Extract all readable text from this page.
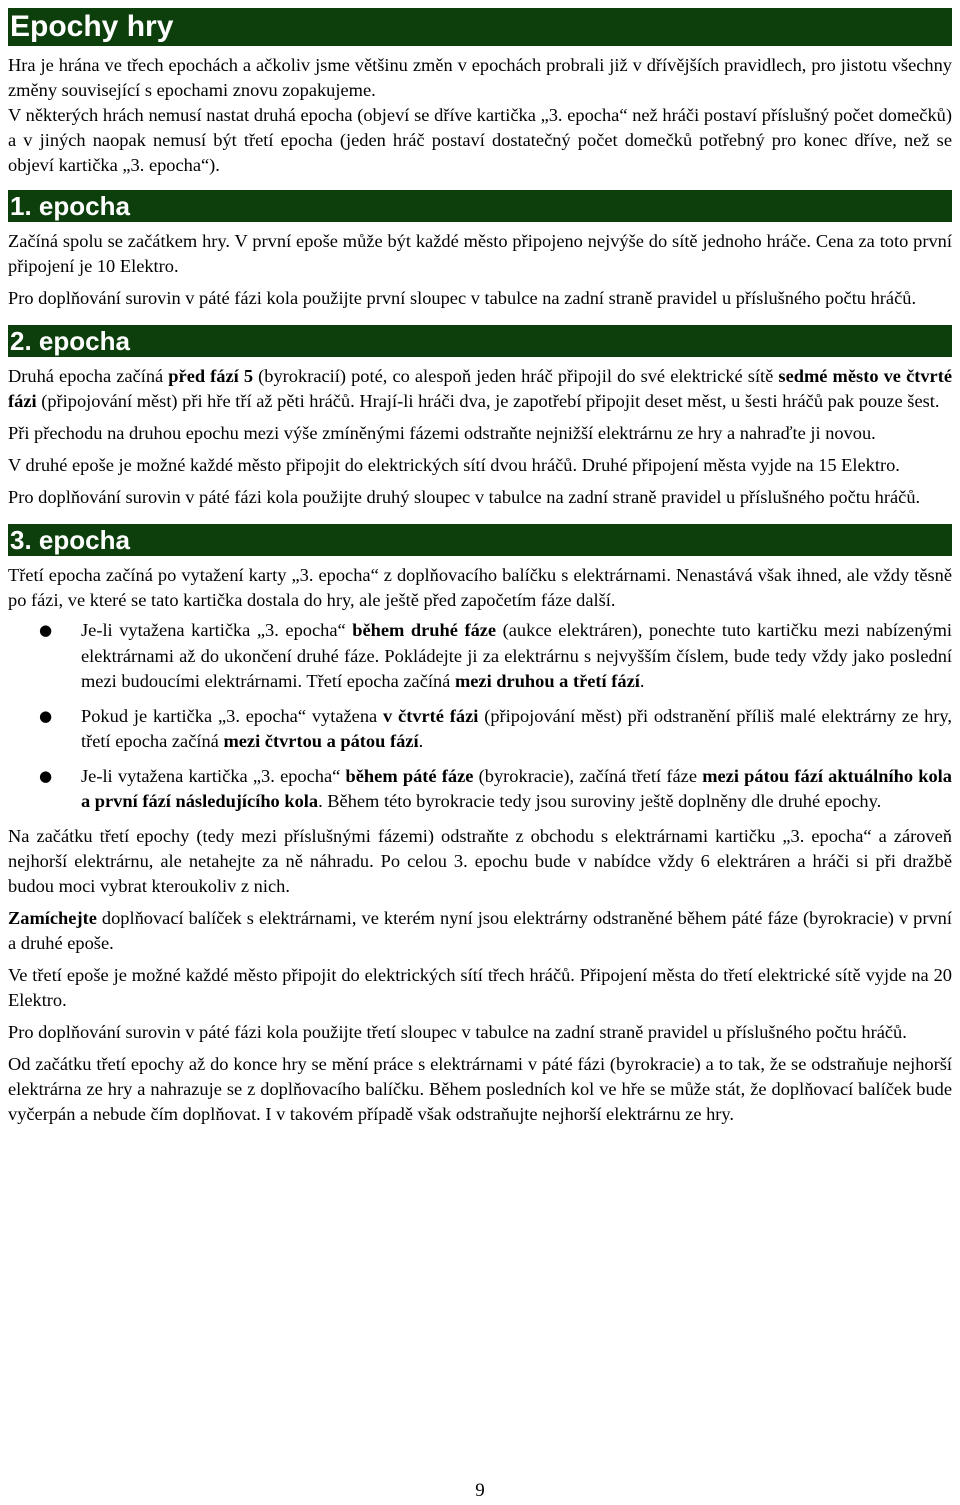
Epochy hry

Hra je hrána ve třech epochách a ačkoliv jsme většinu změn v epochách probrali již v dřívějších pravidlech, pro jistotu všechny změny související s epochami znovu zopakujeme.

V některých hrách nemusí nastat druhá epocha (objeví se dříve kartička „3. epocha“ než hráči postaví příslušný počet domečků) a v jiných naopak nemusí být třetí epocha (jeden hráč postaví dostatečný počet domečků potřebný pro konec dříve, než se objeví kartička „3. epocha“).

1. epocha

Začíná spolu se začátkem hry. V první epoše může být každé město připojeno nejvýše do sítě jednoho hráče. Cena za toto první připojení je 10 Elektro.

Pro doplňování surovin v páté fázi kola použijte první sloupec v tabulce na zadní straně pravidel u příslušného počtu hráčů.

2. epocha

Druhá epocha začíná před fází 5 (byrokracií) poté, co alespoň jeden hráč připojil do své elektrické sítě sedmé město ve čtvrté fázi (připojování měst) při hře tří až pěti hráčů. Hrají-li hráči dva, je zapotřebí připojit deset měst, u šesti hráčů pak pouze šest.

Při přechodu na druhou epochu mezi výše zmíněnými fázemi odstraňte nejnižší elektrárnu ze hry a nahraďte ji novou.

V druhé epoše je možné každé město připojit do elektrických sítí dvou hráčů. Druhé připojení města vyjde na 15 Elektro.

Pro doplňování surovin v páté fázi kola použijte druhý sloupec v tabulce na zadní straně pravidel u příslušného počtu hráčů.

3. epocha

Třetí epocha začíná po vytažení karty „3. epocha“ z doplňovacího balíčku s elektrárnami. Nenastává však ihned, ale vždy těsně po fázi, ve které se tato kartička dostala do hry, ale ještě před započetím fáze další.

● Je-li vytažena kartička „3. epocha“ během druhé fáze (aukce elektráren), ponechte tuto kartičku mezi nabízenými elektrárnami až do ukončení druhé fáze. Pokládejte ji za elektrárnu s nejvyšším číslem, bude tedy vždy jako poslední mezi budoucími elektrárnami. Třetí epocha začíná mezi druhou a třetí fází.
● Pokud je kartička „3. epocha“ vytažena v čtvrté fázi (připojování měst) při odstranění příliš malé elektrárny ze hry, třetí epocha začíná mezi čtvrtou a pátou fází.
● Je-li vytažena kartička „3. epocha“ během páté fáze (byrokracie), začíná třetí fáze mezi pátou fází aktuálního kola a první fází následujícího kola. Během této byrokracie tedy jsou suroviny ještě doplněny dle druhé epochy.

Na začátku třetí epochy (tedy mezi příslušnými fázemi) odstraňte z obchodu s elektrárnami kartičku „3. epocha“ a zároveň nejhorší elektrárnu, ale netahejte za ně náhradu. Po celou 3. epochu bude v nabídce vždy 6 elektráren a hráči si při dražbě budou moci vybrat kteroukoliv z nich.

Zamíchejte doplňovací balíček s elektrárnami, ve kterém nyní jsou elektrárny odstraněné během páté fáze (byrokracie) v první a druhé epoše.

Ve třetí epoše je možné každé město připojit do elektrických sítí třech hráčů. Připojení města do třetí elektrické sítě vyjde na 20 Elektro.

Pro doplňování surovin v páté fázi kola použijte třetí sloupec v tabulce na zadní straně pravidel u příslušného počtu hráčů.

Od začátku třetí epochy až do konce hry se mění práce s elektrárnami v páté fázi (byrokracie) a to tak, že se odstraňuje nejhorší elektrárna ze hry a nahrazuje se z doplňovacího balíčku. Během posledních kol ve hře se může stát, že doplňovací balíček bude vyčerpán a nebude čím doplňovat. I v takovém případě však odstraňujte nejhorší elektrárnu ze hry.

9
